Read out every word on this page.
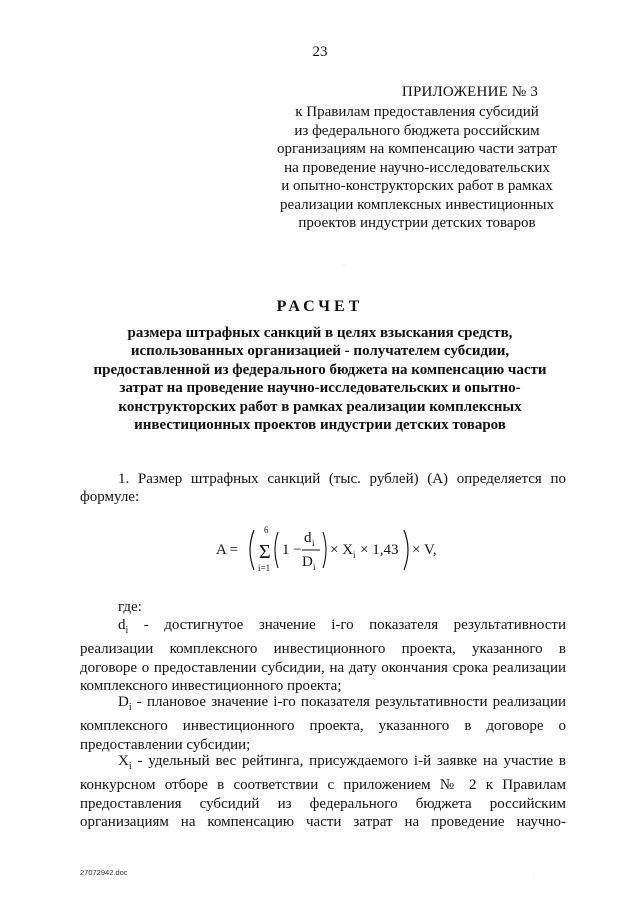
23
ПРИЛОЖЕНИЕ № 3
к Правилам предоставления субсидий
из федерального бюджета российским
организациям на компенсацию части затрат
на проведение научно-исследовательских
и опытно-конструкторских работ в рамках
реализации комплексных инвестиционных
проектов индустрии детских товаров
·
РАСЧЕТ
размера штрафных санкций в целях взыскания средств,
использованных организацией - получателем субсидии,
предоставленной из федерального бюджета на компенсацию части
затрат на проведение научно-исследовательских и опытно-
конструкторских работ в рамках реализации комплексных
инвестиционных проектов индустрии детских товаров
1. Размер штрафных санкций (тыс. рублей) (А) определяется по
формуле:
A =
6
Σ
i=1
1 −
d i
D i
× X i × 1,43 × V,
где:
$d_i$ - достигнутое значение i-го показателя результативности
реализации комплексного инвестиционного проекта, указанного в
договоре о предоставлении субсидии, на дату окончания срока реализации
комплексного инвестиционного проекта;
$D_i$ - плановое значение i-го показателя результативности реализации
комплексного инвестиционного проекта, указанного в договоре о
предоставлении субсидии;
$X_i$ - удельный вес рейтинга, присуждаемого i-й заявке на участие в
конкурсном отборе в соответствии с приложением № 2 к Правилам
предоставления субсидий из федерального бюджета российским
организациям на компенсацию части затрат на проведение научно-
27072942.doc	·
